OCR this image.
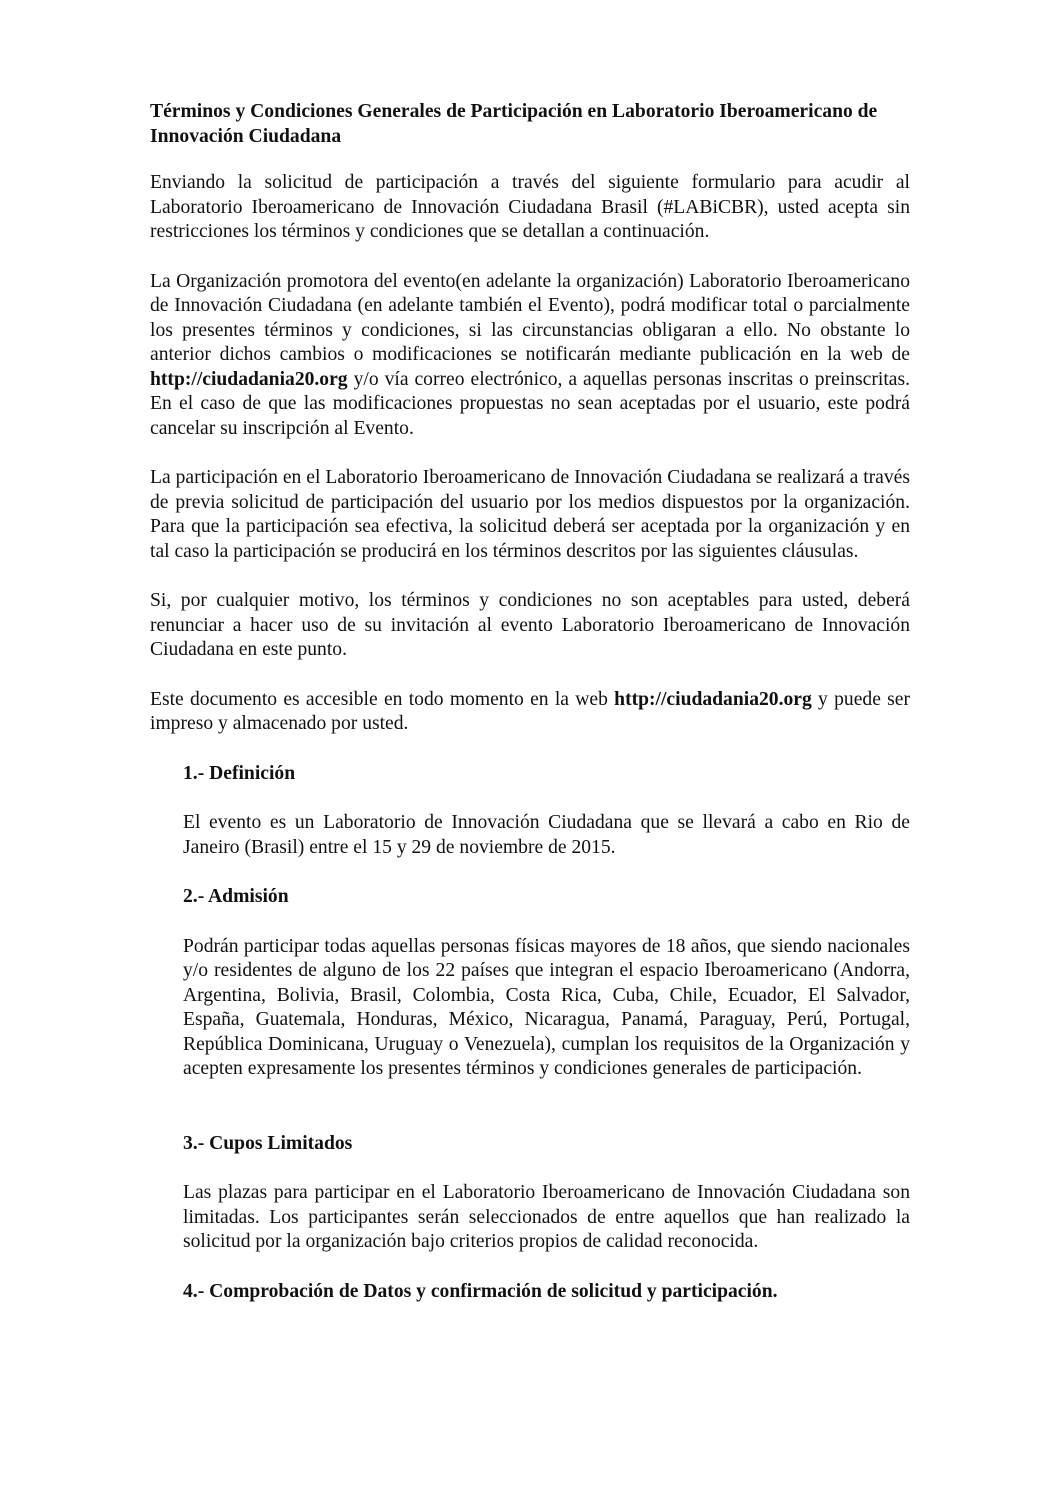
Términos y Condiciones Generales de Participación en Laboratorio Iberoamericano de Innovación Ciudadana

Enviando la solicitud de participación a través del siguiente formulario para acudir al Laboratorio Iberoamericano de Innovación Ciudadana Brasil (#LABiCBR), usted acepta sin restricciones los términos y condiciones que se detallan a continuación.

La Organización promotora del evento(en adelante la organización) Laboratorio Iberoamericano de Innovación Ciudadana (en adelante también el Evento), podrá modificar total o parcialmente los presentes términos y condiciones, si las circunstancias obligaran a ello. No obstante lo anterior dichos cambios o modificaciones se notificarán mediante publicación en la web de http://ciudadania20.org y/o vía correo electrónico, a aquellas personas inscritas o preinscritas. En el caso de que las modificaciones propuestas no sean aceptadas por el usuario, este podrá cancelar su inscripción al Evento.

La participación en el Laboratorio Iberoamericano de Innovación Ciudadana se realizará a través de previa solicitud de participación del usuario por los medios dispuestos por la organización. Para que la participación sea efectiva, la solicitud deberá ser aceptada por la organización y en tal caso la participación se producirá en los términos descritos por las siguientes cláusulas.

Si, por cualquier motivo, los términos y condiciones no son aceptables para usted, deberá renunciar a hacer uso de su invitación al evento Laboratorio Iberoamericano de Innovación Ciudadana en este punto.

Este documento es accesible en todo momento en la web http://ciudadania20.org y puede ser impreso y almacenado por usted.

1.- Definición

El evento es un Laboratorio de Innovación Ciudadana que se llevará a cabo en Rio de Janeiro (Brasil) entre el 15 y 29 de noviembre de 2015.

2.- Admisión

Podrán participar todas aquellas personas físicas mayores de 18 años, que siendo nacionales y/o residentes de alguno de los 22 países que integran el espacio Iberoamericano (Andorra, Argentina, Bolivia, Brasil, Colombia, Costa Rica, Cuba, Chile, Ecuador, El Salvador, España, Guatemala, Honduras, México, Nicaragua, Panamá, Paraguay, Perú, Portugal, República Dominicana, Uruguay o Venezuela), cumplan los requisitos de la Organización y acepten expresamente los presentes términos y condiciones generales de participación.

3.- Cupos Limitados

Las plazas para participar en el Laboratorio Iberoamericano de Innovación Ciudadana son limitadas. Los participantes serán seleccionados de entre aquellos que han realizado la solicitud por la organización bajo criterios propios de calidad reconocida.

4.- Comprobación de Datos y confirmación de solicitud y participación.
